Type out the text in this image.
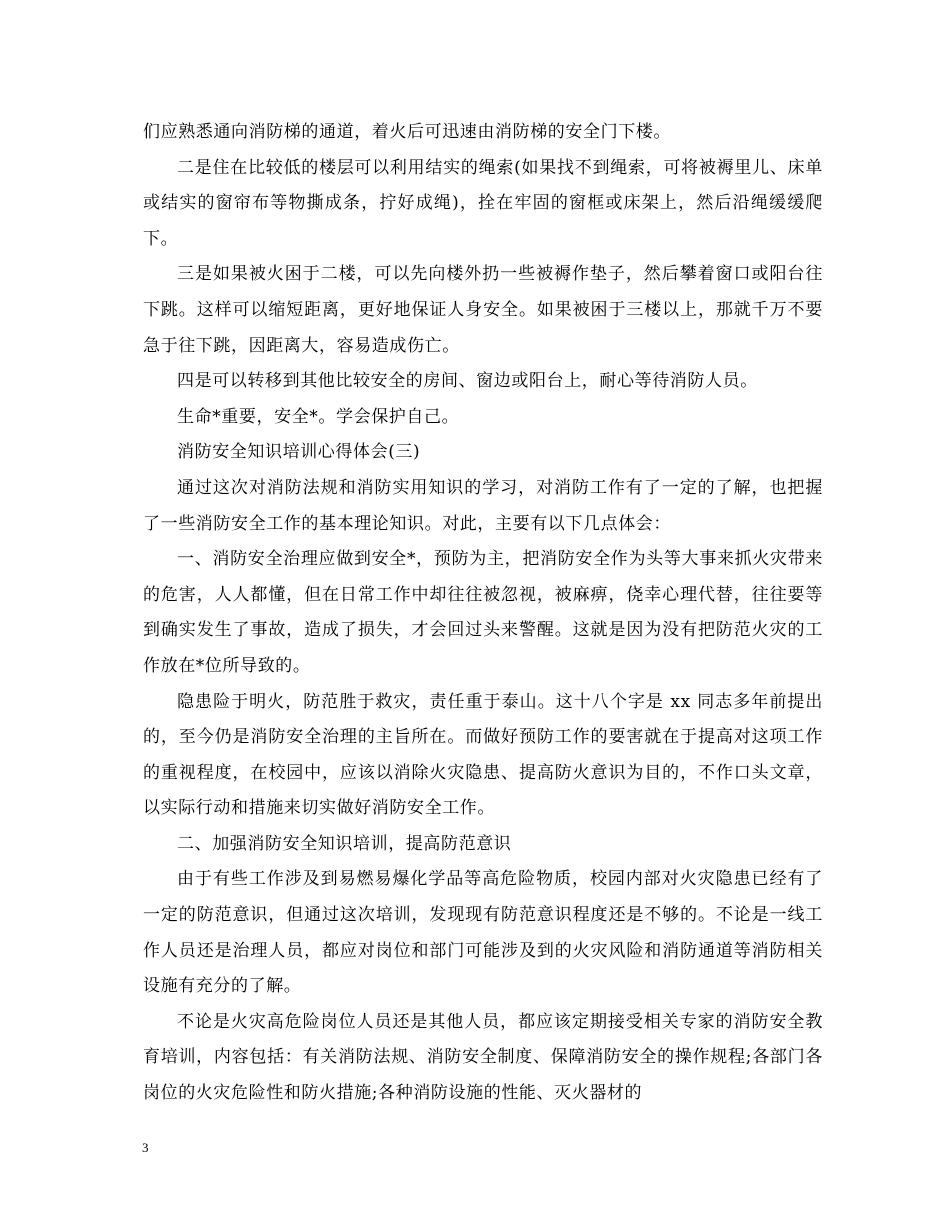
们应熟悉通向消防梯的通道，着火后可迅速由消防梯的安全门下楼。

二是住在比较低的楼层可以利用结实的绳索(如果找不到绳索，可将被褥里儿、床单或结实的窗帘布等物撕成条，拧好成绳)，拴在牢固的窗框或床架上，然后沿绳缓缓爬下。

三是如果被火困于二楼，可以先向楼外扔一些被褥作垫子，然后攀着窗口或阳台往下跳。这样可以缩短距离，更好地保证人身安全。如果被困于三楼以上，那就千万不要急于往下跳，因距离大，容易造成伤亡。

四是可以转移到其他比较安全的房间、窗边或阳台上，耐心等待消防人员。

生命*重要，安全*。学会保护自己。

消防安全知识培训心得体会(三)

通过这次对消防法规和消防实用知识的学习，对消防工作有了一定的了解，也把握了一些消防安全工作的基本理论知识。对此，主要有以下几点体会：

一、消防安全治理应做到安全*，预防为主，把消防安全作为头等大事来抓火灾带来的危害，人人都懂，但在日常工作中却往往被忽视，被麻痹，侥幸心理代替，往往要等到确实发生了事故，造成了损失，才会回过头来警醒。这就是因为没有把防范火灾的工作放在*位所导致的。

隐患险于明火，防范胜于救灾，责任重于泰山。这十八个字是 xx 同志多年前提出的，至今仍是消防安全治理的主旨所在。而做好预防工作的要害就在于提高对这项工作的重视程度，在校园中，应该以消除火灾隐患、提高防火意识为目的，不作口头文章，以实际行动和措施来切实做好消防安全工作。

二、加强消防安全知识培训，提高防范意识

由于有些工作涉及到易燃易爆化学品等高危险物质，校园内部对火灾隐患已经有了一定的防范意识，但通过这次培训，发现现有防范意识程度还是不够的。不论是一线工作人员还是治理人员，都应对岗位和部门可能涉及到的火灾风险和消防通道等消防相关设施有充分的了解。

不论是火灾高危险岗位人员还是其他人员，都应该定期接受相关专家的消防安全教育培训，内容包括：有关消防法规、消防安全制度、保障消防安全的操作规程;各部门各岗位的火灾危险性和防火措施;各种消防设施的性能、灭火器材的

3
